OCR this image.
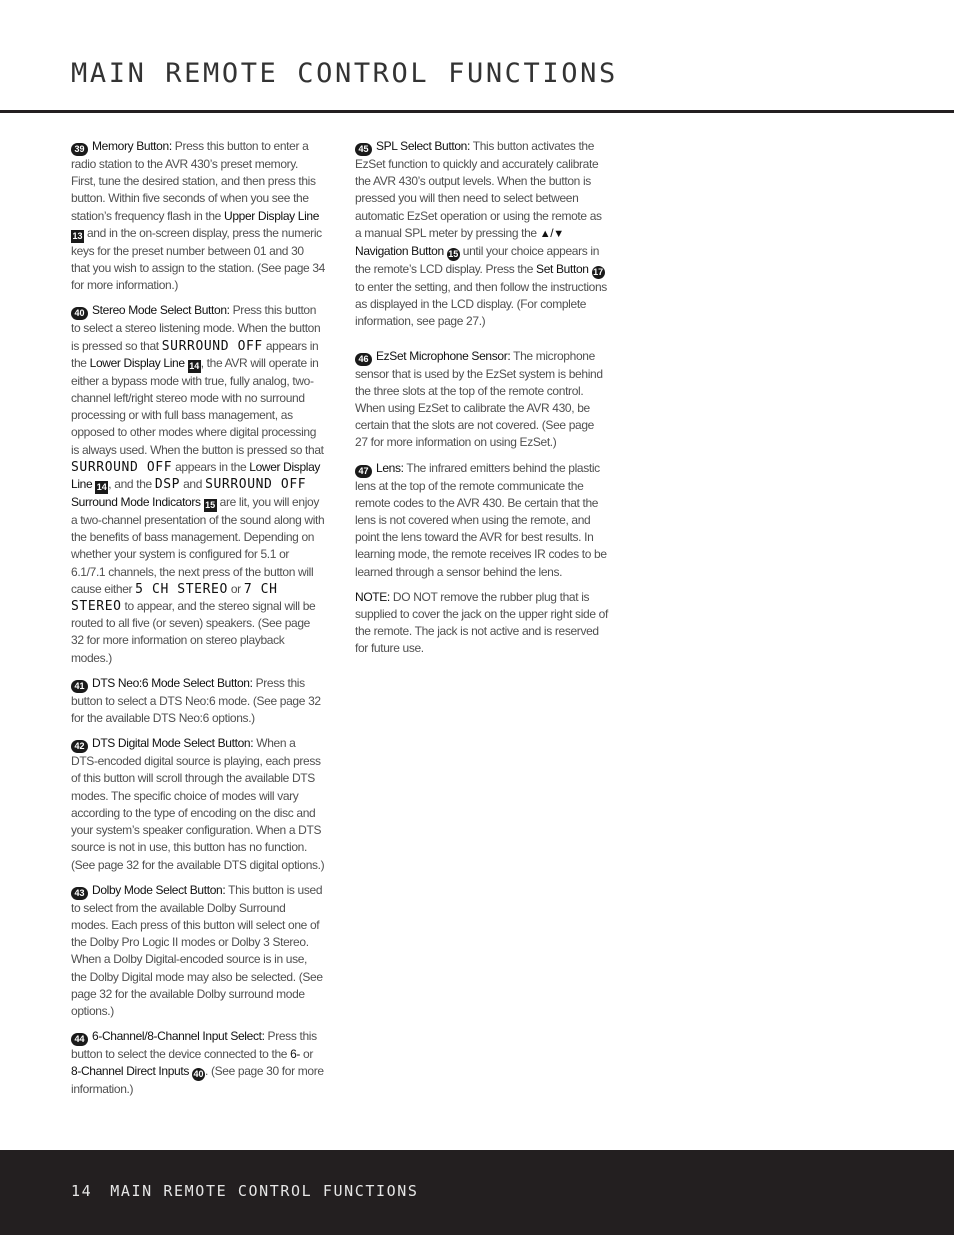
MAIN REMOTE CONTROL FUNCTIONS

39 Memory Button: Press this button to enter a radio station to the AVR 430’s preset memory. First, tune the desired station, and then press this button. Within five seconds of when you see the station’s frequency flash in the Upper Display Line 13 and in the on-screen display, press the numeric keys for the preset number between 01 and 30 that you wish to assign to the station. (See page 34 for more information.)

40 Stereo Mode Select Button: Press this button to select a stereo listening mode. When the button is pressed so that SURROUND OFF appears in the Lower Display Line 14 , the AVR will operate in either a bypass mode with true, fully analog, two-channel left/right stereo mode with no surround processing or with full bass management, as opposed to other modes where digital processing is always used. When the button is pressed so that SURROUND OFF appears in the Lower Display Line 14 , and the DSP and SURROUND OFF Surround Mode Indicators 15 are lit, you will enjoy a two-channel presentation of the sound along with the benefits of bass management. Depending on whether your system is configured for 5.1 or 6.1/7.1 channels, the next press of the button will cause either 5 CH STEREO or 7 CH STEREO to appear, and the stereo signal will be routed to all five (or seven) speakers. (See page 32 for more information on stereo playback modes.)

41 DTS Neo:6 Mode Select Button: Press this button to select a DTS Neo:6 mode. (See page 32 for the available DTS Neo:6 options.)

42 DTS Digital Mode Select Button: When a DTS-encoded digital source is playing, each press of this button will scroll through the available DTS modes. The specific choice of modes will vary according to the type of encoding on the disc and your system’s speaker configuration. When a DTS source is not in use, this button has no function. (See page 32 for the available DTS digital options.)

43 Dolby Mode Select Button: This button is used to select from the available Dolby Surround modes. Each press of this button will select one of the Dolby Pro Logic II modes or Dolby 3 Stereo. When a Dolby Digital-encoded source is in use, the Dolby Digital mode may also be selected. (See page 32 for the available Dolby surround mode options.)

44 6-Channel/8-Channel Input Select: Press this button to select the device connected to the 6- or 8-Channel Direct Inputs 40 . (See page 30 for more information.)

45 SPL Select Button: This button activates the EzSet function to quickly and accurately calibrate the AVR 430’s output levels. When the button is pressed you will then need to select between automatic EzSet operation or using the remote as a manual SPL meter by pressing the ▲/▼ Navigation Button 15 until your choice appears in the remote’s LCD display. Press the Set Button 17 to enter the setting, and then follow the instructions as displayed in the LCD display. (For complete information, see page 27.)

46 EzSet Microphone Sensor: The microphone sensor that is used by the EzSet system is behind the three slots at the top of the remote control. When using EzSet to calibrate the AVR 430, be certain that the slots are not covered. (See page 27 for more information on using EzSet.)

47 Lens: The infrared emitters behind the plastic lens at the top of the remote communicate the remote codes to the AVR 430. Be certain that the lens is not covered when using the remote, and point the lens toward the AVR for best results. In learning mode, the remote receives IR codes to be learned through a sensor behind the lens.

NOTE: DO NOT remove the rubber plug that is supplied to cover the jack on the upper right side of the remote. The jack is not active and is reserved for future use.

14 MAIN REMOTE CONTROL FUNCTIONS
